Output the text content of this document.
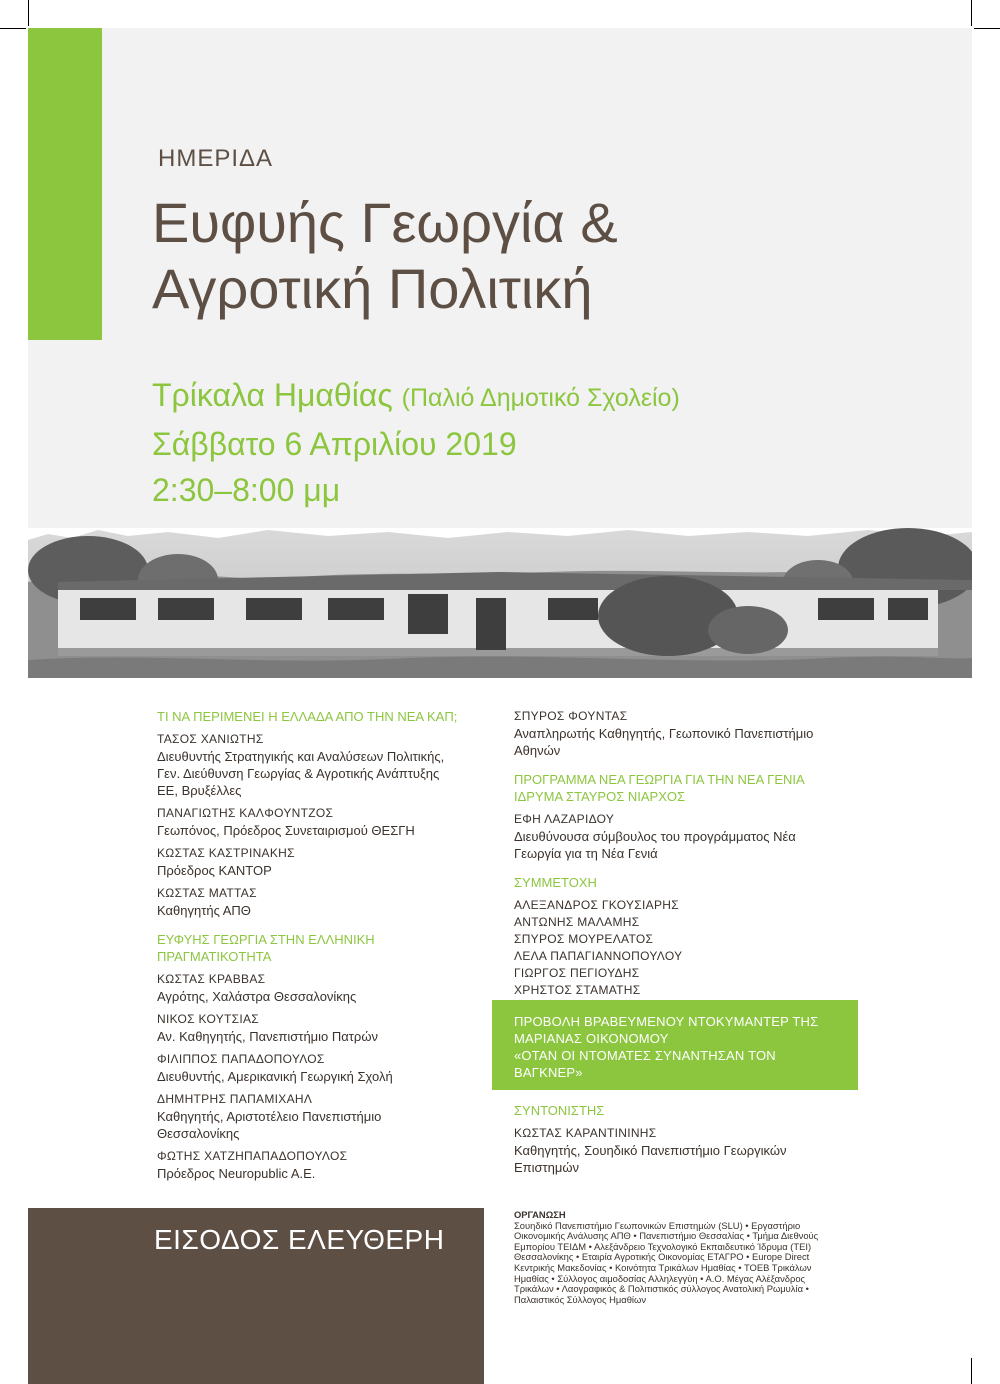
ΗΜΕΡΙΔΑ
Ευφυής Γεωργία &
Αγροτική Πολιτική
Τρίκαλα Ημαθίας (Παλιό Δημοτικό Σχολείο)
Σάββατο 6 Απριλίου 2019
2:30–8:00 μμ
ΤΙ ΝΑ ΠΕΡΙΜΕΝΕΙ Η ΕΛΛΑΔΑ ΑΠΟ ΤΗΝ ΝΕΑ ΚΑΠ;
ΤΑΣΟΣ ΧΑΝΙΩΤΗΣ
Διευθυντής Στρατηγικής και Αναλύσεων Πολιτικής,
Γεν. Διεύθυνση Γεωργίας & Αγροτικής Ανάπτυξης
ΕΕ, Βρυξέλλες
ΠΑΝΑΓΙΩΤΗΣ ΚΑΛΦΟΥΝΤΖΟΣ
Γεωπόνος, Πρόεδρος Συνεταιρισμού ΘΕΣΓΗ
ΚΩΣΤΑΣ ΚΑΣΤΡΙΝΑΚΗΣ
Πρόεδρος ΚΑΝΤΟΡ
ΚΩΣΤΑΣ ΜΑΤΤΑΣ
Καθηγητής ΑΠΘ
ΕΥΦΥΗΣ ΓΕΩΡΓΙΑ ΣΤΗΝ ΕΛΛΗΝΙΚΗ
ΠΡΑΓΜΑΤΙΚΟΤΗΤΑ
ΚΩΣΤΑΣ ΚΡΑΒΒΑΣ
Αγρότης, Χαλάστρα Θεσσαλονίκης
ΝΙΚΟΣ ΚΟΥΤΣΙΑΣ
Αν. Καθηγητής, Πανεπιστήμιο Πατρών
ΦΙΛΙΠΠΟΣ ΠΑΠΑΔΟΠΟΥΛΟΣ
Διευθυντής, Αμερικανική Γεωργική Σχολή
ΔΗΜΗΤΡΗΣ ΠΑΠΑΜΙΧΑΗΛ
Καθηγητής, Αριστοτέλειο Πανεπιστήμιο
Θεσσαλονίκης
ΦΩΤΗΣ ΧΑΤΖΗΠΑΠΑΔΟΠΟΥΛΟΣ
Πρόεδρος Neuropublic A.E.
ΣΠΥΡΟΣ ΦΟΥΝΤΑΣ
Αναπληρωτής Καθηγητής, Γεωπονικό Πανεπιστήμιο
Αθηνών
ΠΡΟΓΡΑΜΜΑ ΝΕΑ ΓΕΩΡΓΙΑ ΓΙΑ ΤΗΝ ΝΕΑ ΓΕΝΙΑ
ΙΔΡΥΜΑ ΣΤΑΥΡΟΣ ΝΙΑΡΧΟΣ
ΕΦΗ ΛΑΖΑΡΙΔΟΥ
Διευθύνουσα σύμβουλος του προγράμματος Νέα
Γεωργία για τη Νέα Γενιά
ΣΥΜΜΕΤΟΧΗ
ΑΛΕΞΑΝΔΡΟΣ ΓΚΟΥΣΙΑΡΗΣ
ΑΝΤΩΝΗΣ ΜΑΛΑΜΗΣ
ΣΠΥΡΟΣ ΜΟΥΡΕΛΑΤΟΣ
ΛΕΛΑ ΠΑΠΑΓΙΑΝΝΟΠΟΥΛΟΥ
ΓΙΩΡΓΟΣ ΠΕΓΙΟΥΔΗΣ
ΧΡΗΣΤΟΣ ΣΤΑΜΑΤΗΣ
ΠΡΟΒΟΛΗ ΒΡΑΒΕΥΜΕΝΟΥ ΝΤΟΚΥΜΑΝΤΕΡ ΤΗΣ
ΜΑΡΙΑΝΑΣ ΟΙΚΟΝΟΜΟΥ
«ΟΤΑΝ ΟΙ ΝΤΟΜΑΤΕΣ ΣΥΝΑΝΤΗΣΑΝ ΤΟΝ
ΒΑΓΚΝΕΡ»
ΣΥΝΤΟΝΙΣΤΗΣ
ΚΩΣΤΑΣ ΚΑΡΑΝΤΙΝΙΝΗΣ
Καθηγητής, Σουηδικό Πανεπιστήμιο Γεωργικών
Επιστημών
ΕΙΣΟΔΟΣ ΕΛΕΥΘΕΡΗ
ΟΡΓΑΝΩΣΗ
Σουηδικό Πανεπιστήμιο Γεωπονικών Επιστημών (SLU) • Εργαστήριο
Οικονομικής Ανάλυσης ΑΠΘ • Πανεπιστήμιο Θεσσαλίας • Τμήμα Διεθνούς
Εμπορίου ΤΕΙΔΜ • Αλεξάνδρειο Τεχνολογικό Εκπαιδευτικό Ίδρυμα (ΤΕΙ)
Θεσσαλονίκης • Εταιρία Αγροτικής Οικονομίας ΕΤΑΓΡΟ • Europe Direct
Κεντρικής Μακεδονίας • Κοινότητα Τρικάλων Ημαθίας • ΤΟΕΒ Τρικάλων
Ημαθίας • Σύλλογος αιμοδοσίας Αλληλεγγύη • Α.Ο. Μέγας Αλέξανδρος
Τρικάλων • Λαογραφικός & Πολιτιστικός σύλλογος Ανατολική Ρωμυλία •
Παλαιστικός Σύλλογος Ημαθίων
